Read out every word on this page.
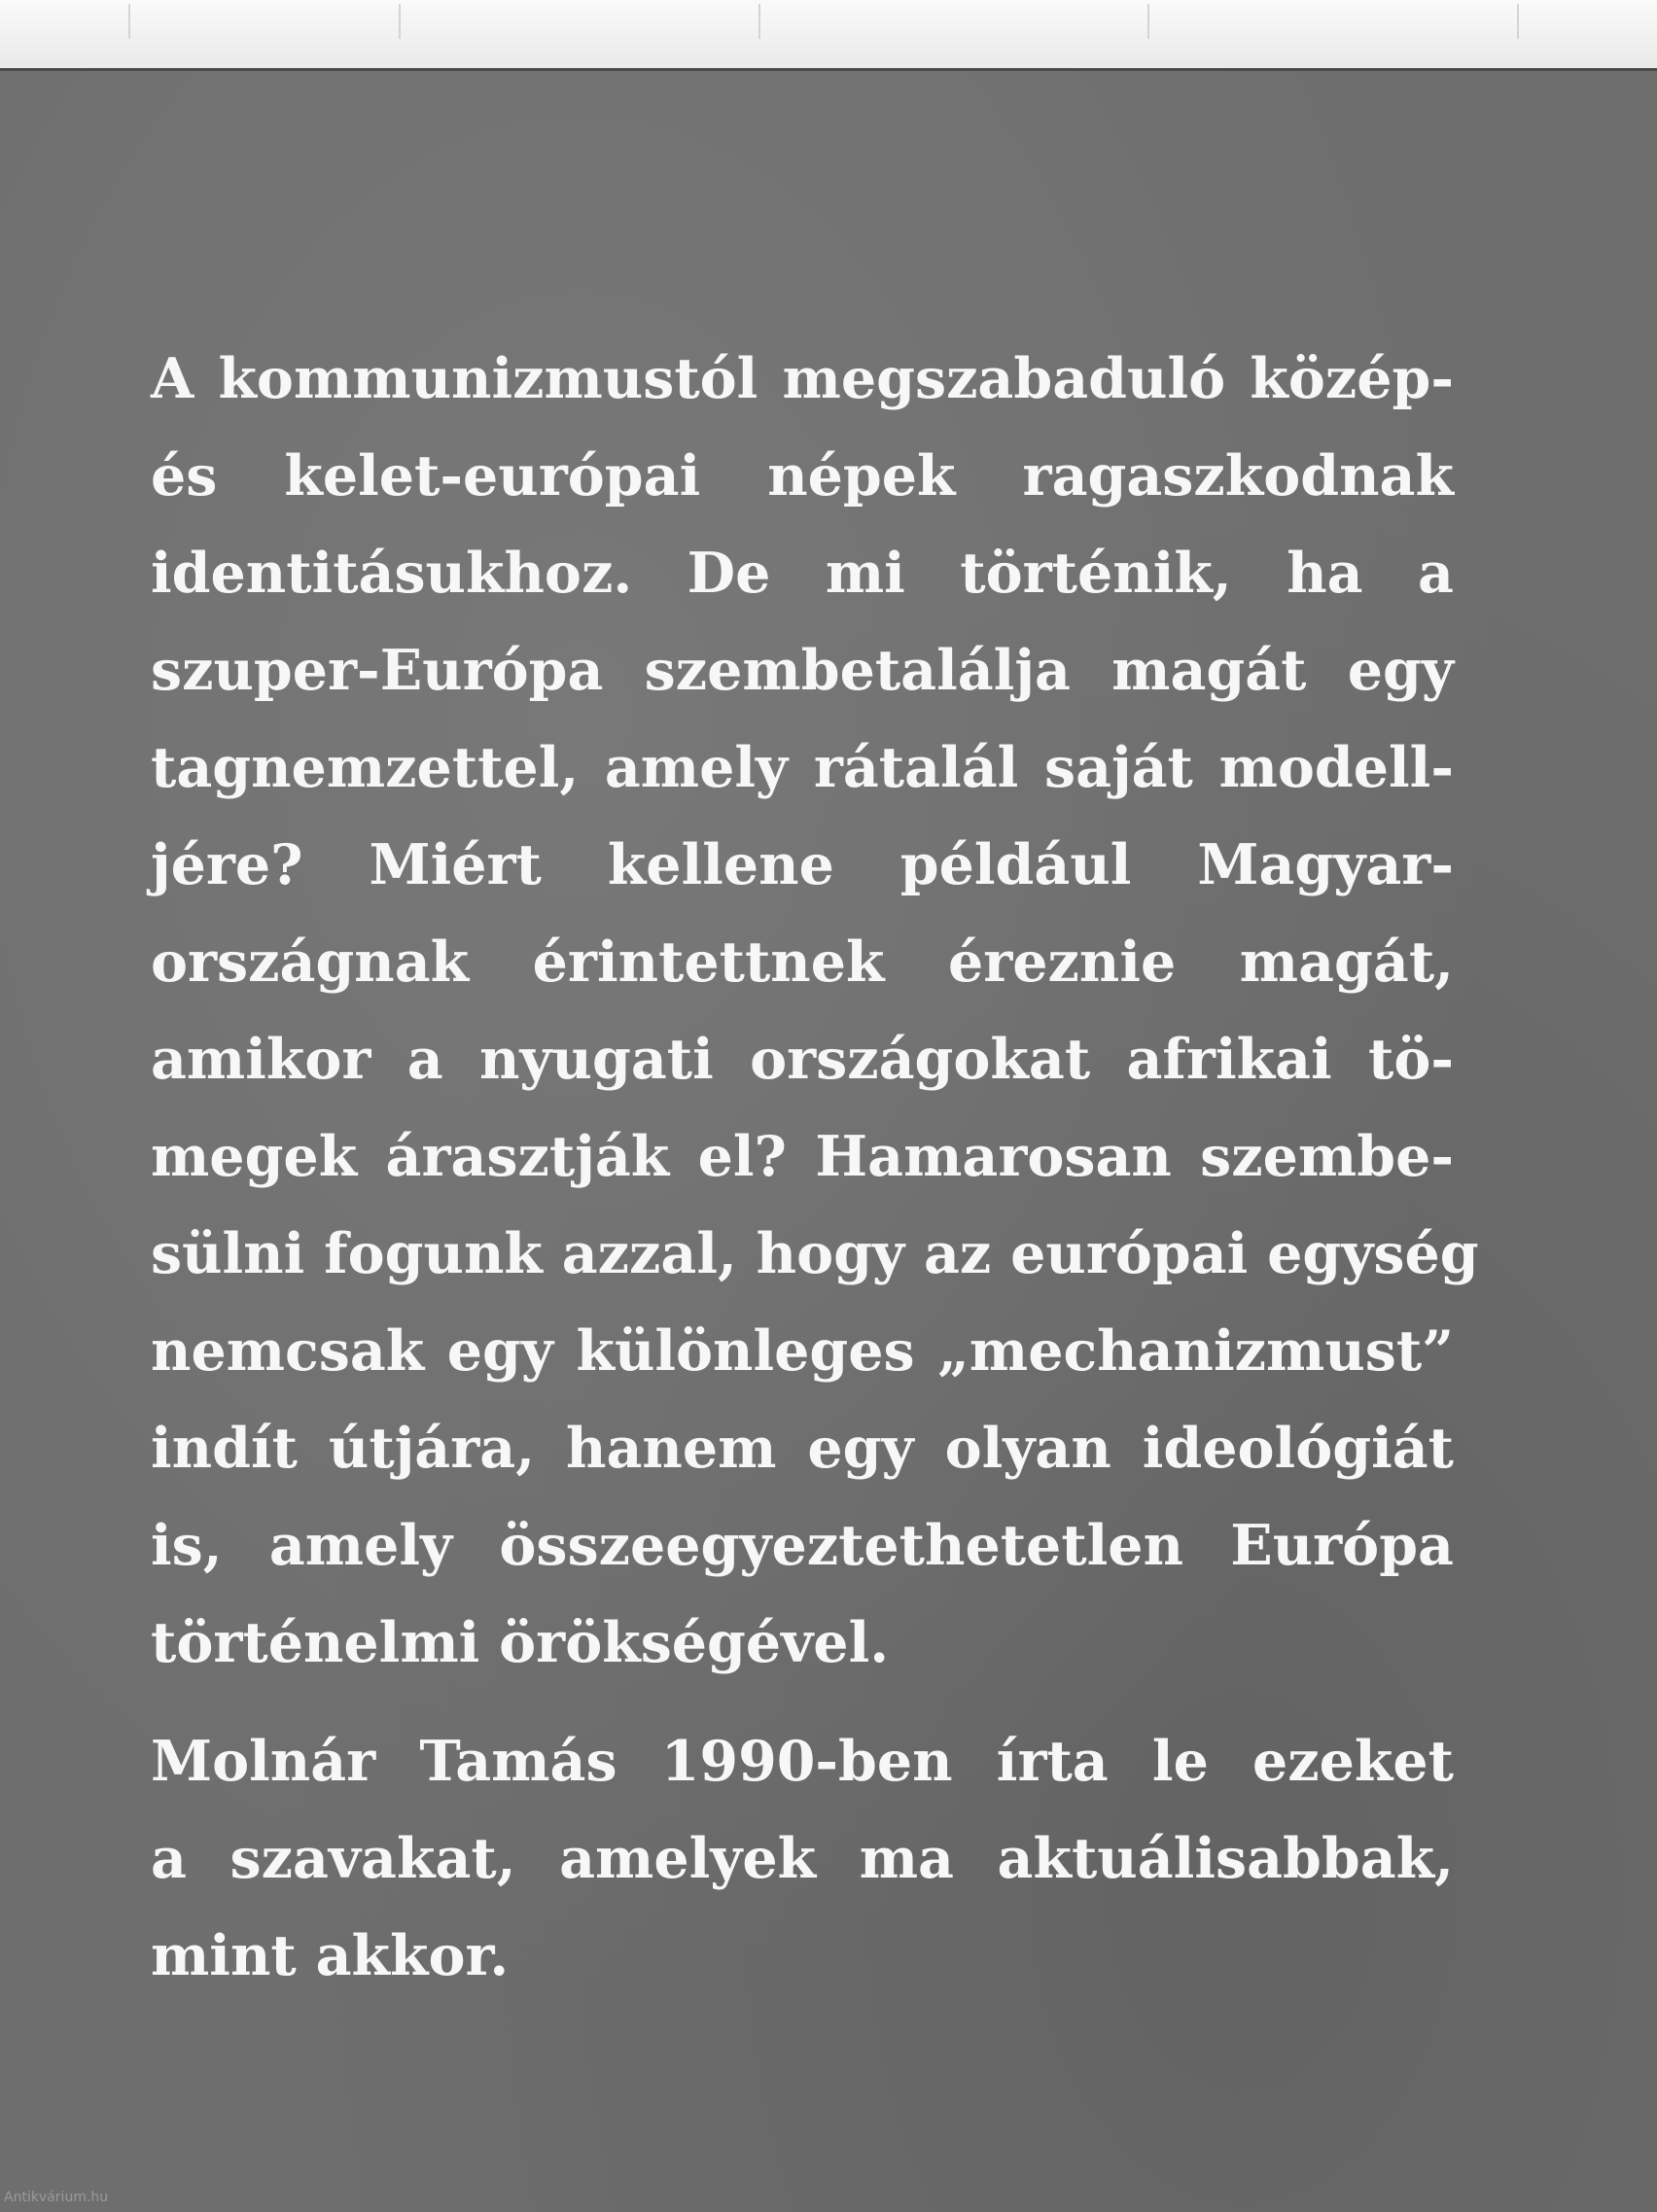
A kommunizmustól megszabaduló közép-
és kelet-európai népek ragaszkodnak
identitásukhoz. De mi történik, ha a
szuper-Európa szembetalálja magát egy
tagnemzettel, amely rátalál saját modell-
jére? Miért kellene például Magyar-
országnak érintettnek éreznie magát,
amikor a nyugati országokat afrikai tö-
megek árasztják el? Hamarosan szembe-
sülni fogunk azzal, hogy az európai egység
nemcsak egy különleges „mechanizmust”
indít útjára, hanem egy olyan ideológiát
is, amely összeegyeztethetetlen Európa
történelmi örökségével.
Molnár Tamás 1990-ben írta le ezeket
a szavakat, amelyek ma aktuálisabbak,
mint akkor.
Antikvárium.hu
